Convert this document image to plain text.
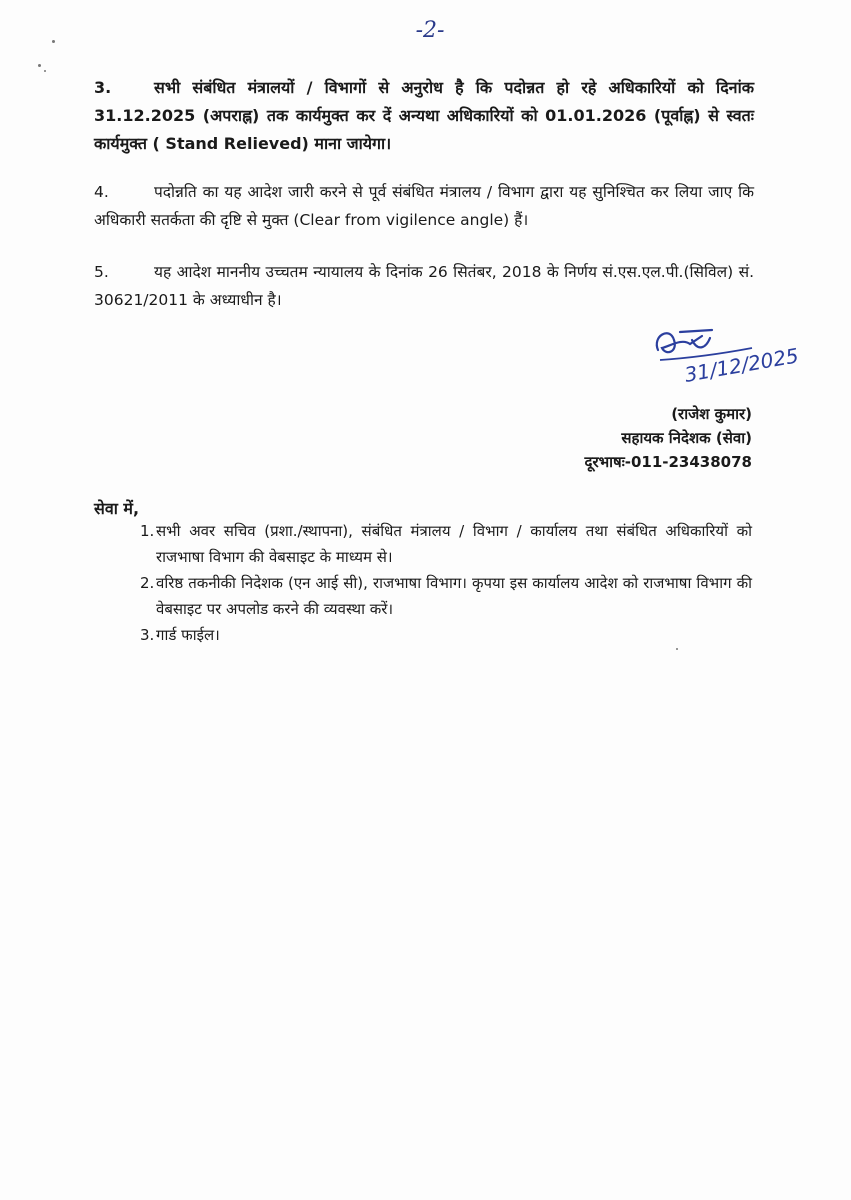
-2-
3.	सभी संबंधित मंत्रालयों / विभागों से अनुरोध है कि पदोन्नत हो रहे अधिकारियों को दिनांक 31.12.2025 (अपराह्न) तक कार्यमुक्त कर दें अन्यथा अधिकारियों को 01.01.2026 (पूर्वाह्न) से स्वतः कार्यमुक्त ( Stand Relieved) माना जायेगा।
4.	पदोन्नति का यह आदेश जारी करने से पूर्व संबंधित मंत्रालय / विभाग द्वारा यह सुनिश्चित कर लिया जाए कि अधिकारी सतर्कता की दृष्टि से मुक्त (Clear from vigilence angle) हैं।
5.	यह आदेश माननीय उच्चतम न्यायालय के दिनांक 26 सितंबर, 2018 के निर्णय सं.एस.एल.पी.(सिविल) सं. 30621/2011 के अध्याधीन है।
31/12/2025
(राजेश कुमार)
सहायक निदेशक (सेवा)
दूरभाषः-011-23438078
सेवा में,
1. सभी अवर सचिव (प्रशा./स्थापना), संबंधित मंत्रालय / विभाग / कार्यालय तथा संबंधित अधिकारियों को राजभाषा विभाग की वेबसाइट के माध्यम से।
2. वरिष्ठ तकनीकी निदेशक (एन आई सी), राजभाषा विभाग। कृपया इस कार्यालय आदेश को राजभाषा विभाग की वेबसाइट पर अपलोड करने की व्यवस्था करें।
3. गार्ड फाईल।
